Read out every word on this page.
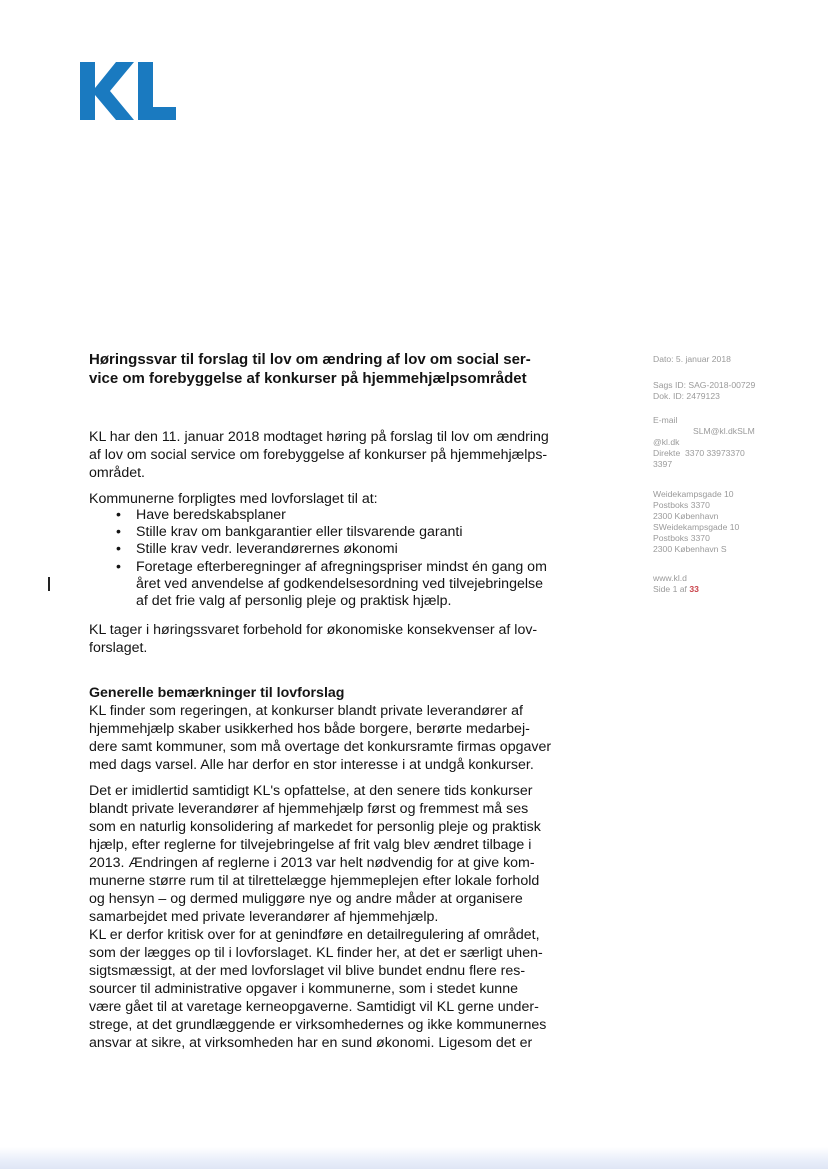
Høringssvar til forslag til lov om ændring af lov om social ser-
vice om forebyggelse af konkurser på hjemmehjælpsområdet
KL har den 11. januar 2018 modtaget høring på forslag til lov om ændring
af lov om social service om forebyggelse af konkurser på hjemmehjælps-
området.
Kommunerne forpligtes med lovforslaget til at:
• Have beredskabsplaner
• Stille krav om bankgarantier eller tilsvarende garanti
• Stille krav vedr. leverandørernes økonomi
• Foretage efterberegninger af afregningspriser mindst én gang om
året ved anvendelse af godkendelsesordning ved tilvejebringelse
af det frie valg af personlig pleje og praktisk hjælp.
KL tager i høringssvaret forbehold for økonomiske konsekvenser af lov-
forslaget.
Generelle bemærkninger til lovforslag
KL finder som regeringen, at konkurser blandt private leverandører af
hjemmehjælp skaber usikkerhed hos både borgere, berørte medarbej-
dere samt kommuner, som må overtage det konkursramte firmas opgaver
med dags varsel. Alle har derfor en stor interesse i at undgå konkurser.
Det er imidlertid samtidigt KL's opfattelse, at den senere tids konkurser
blandt private leverandører af hjemmehjælp først og fremmest må ses
som en naturlig konsolidering af markedet for personlig pleje og praktisk
hjælp, efter reglerne for tilvejebringelse af frit valg blev ændret tilbage i
2013. Ændringen af reglerne i 2013 var helt nødvendig for at give kom-
munerne større rum til at tilrettelægge hjemmeplejen efter lokale forhold
og hensyn – og dermed muliggøre nye og andre måder at organisere
samarbejdet med private leverandører af hjemmehjælp.
KL er derfor kritisk over for at genindføre en detailregulering af området,
som der lægges op til i lovforslaget. KL finder her, at det er særligt uhen-
sigtsmæssigt, at der med lovforslaget vil blive bundet endnu flere res-
sourcer til administrative opgaver i kommunerne, som i stedet kunne
være gået til at varetage kerneopgaverne. Samtidigt vil KL gerne under-
strege, at det grundlæggende er virksomhedernes og ikke kommunernes
ansvar at sikre, at virksomheden har en sund økonomi. Ligesom det er
Dato: 5. januar 2018
Sags ID: SAG-2018-00729
Dok. ID: 2479123
E-mail
SLM@kl.dkSLM
@kl.dk
Direkte 3370 33973370
3397
Weidekampsgade 10
Postboks 3370
2300 København
SWeidekampsgade 10
Postboks 3370
2300 København S
www.kl.d
Side 1 af 33
